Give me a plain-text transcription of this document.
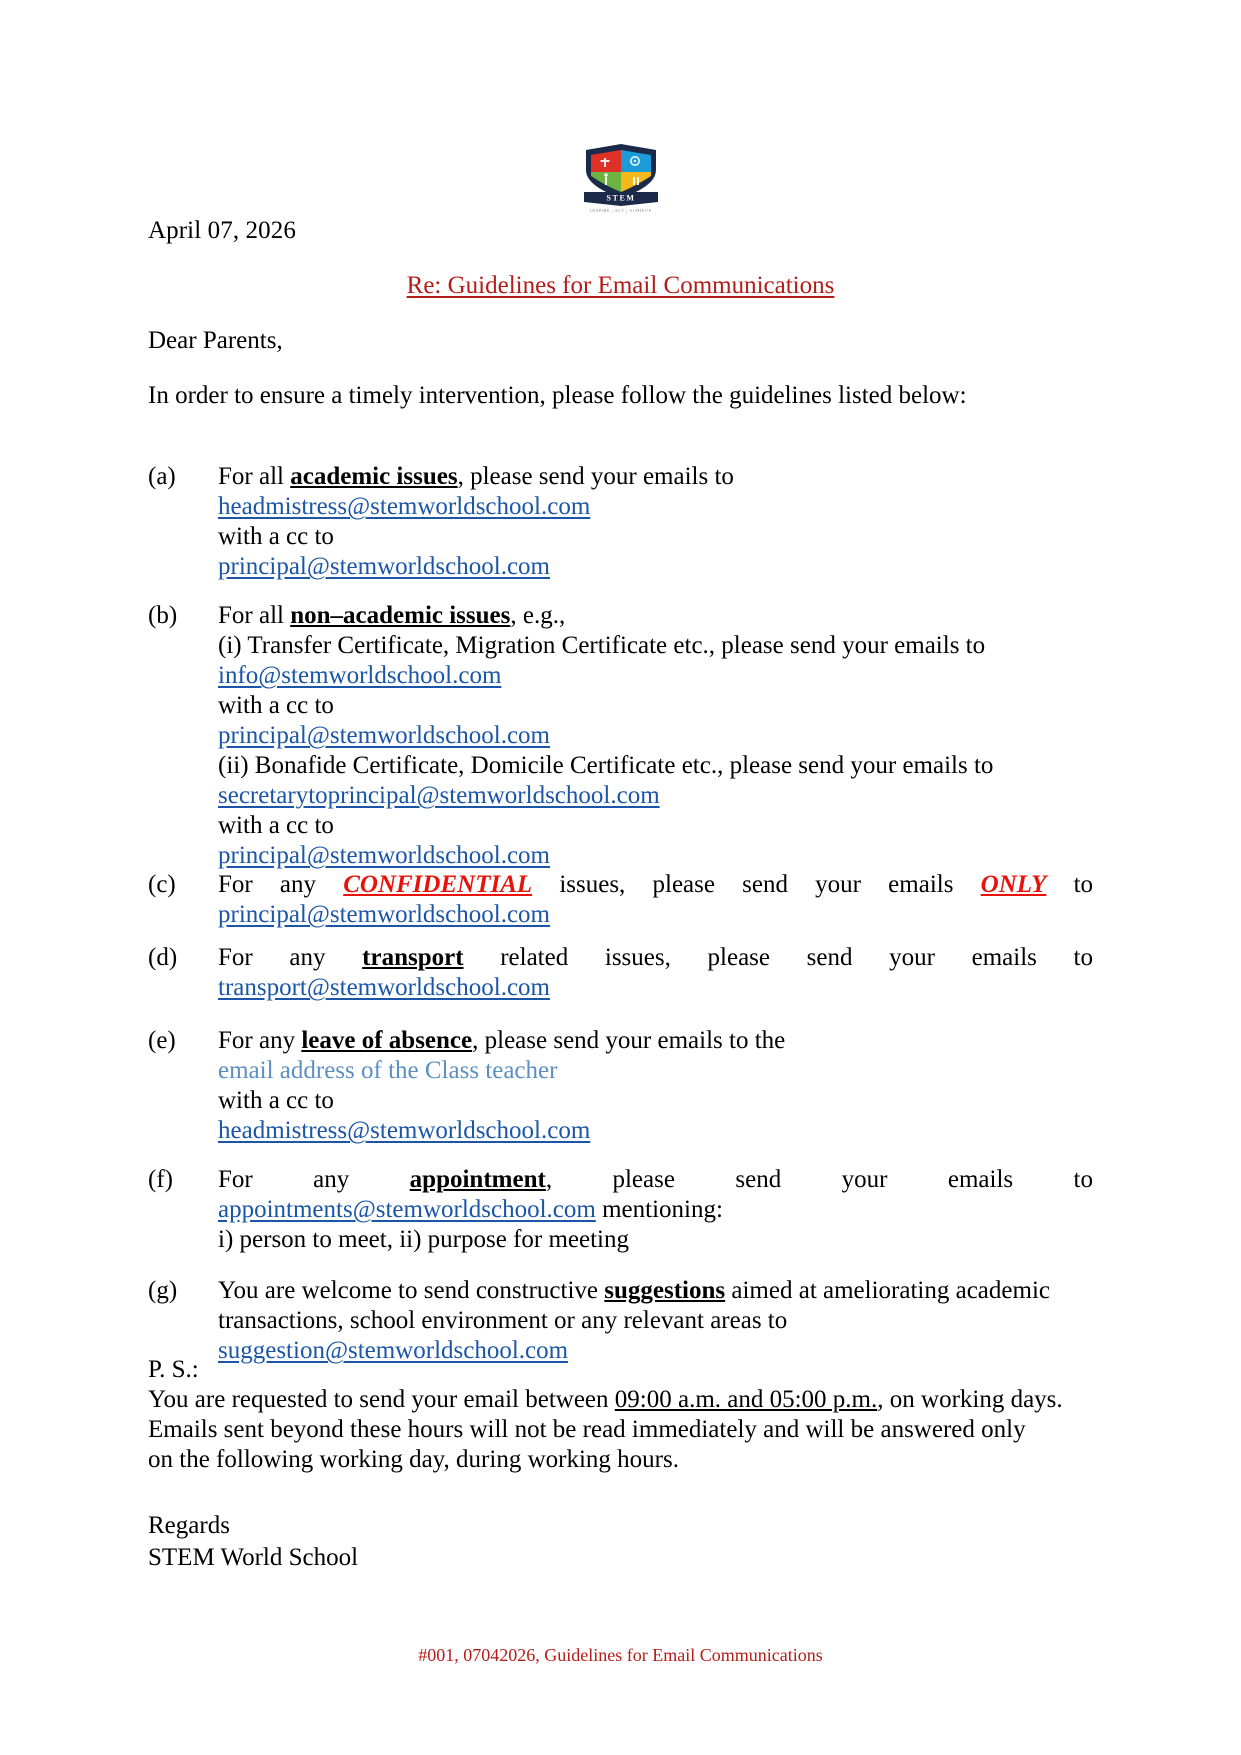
STEM
INSPIRE | ACT | ACHIEVE
April 07, 2026
Re: Guidelines for Email Communications
Dear Parents,
In order to ensure a timely intervention, please follow the guidelines listed below:
(a)	For all academic issues, please send your emails to
headmistress@stemworldschool.com
with a cc to
principal@stemworldschool.com
(b)	For all non–academic issues, e.g.,
(i) Transfer Certificate, Migration Certificate etc., please send your emails to
info@stemworldschool.com
with a cc to
principal@stemworldschool.com
(ii) Bonafide Certificate, Domicile Certificate etc., please send your emails to
secretarytoprincipal@stemworldschool.com
with a cc to
principal@stemworldschool.com
(c)	For any CONFIDENTIAL issues, please send your emails ONLY to
principal@stemworldschool.com
(d)	For any transport related issues, please send your emails to
transport@stemworldschool.com
(e)	For any leave of absence, please send your emails to the
email address of the Class teacher
with a cc to
headmistress@stemworldschool.com
(f)	For any appointment, please send your emails to
appointments@stemworldschool.com mentioning:
i) person to meet, ii) purpose for meeting
(g)	You are welcome to send constructive suggestions aimed at ameliorating academic
transactions, school environment or any relevant areas to
suggestion@stemworldschool.com
P. S.:
You are requested to send your email between 09:00 a.m. and 05:00 p.m., on working days.
Emails sent beyond these hours will not be read immediately and will be answered only
on the following working day, during working hours.
Regards
STEM World School
#001, 07042026, Guidelines for Email Communications
